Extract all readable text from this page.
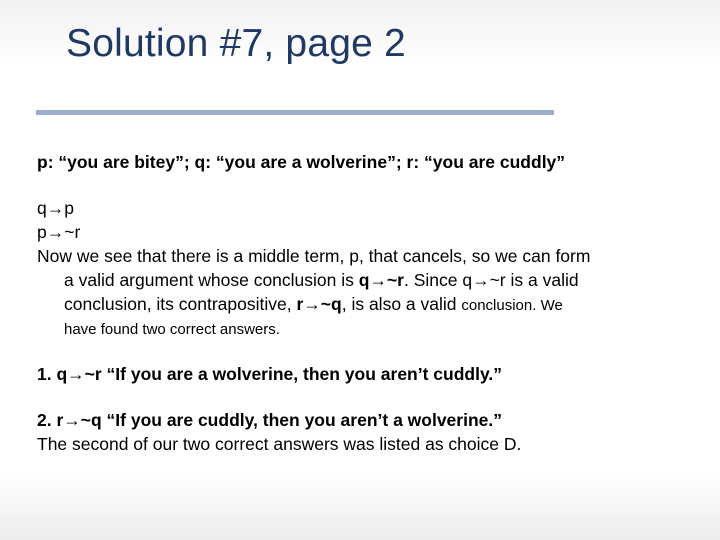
Solution #7, page 2
p: “you are bitey”; q: “you are a wolverine”; r: “you are cuddly”
q→p
p→~r
Now we see that there is a middle term, p, that cancels, so we can form
a valid argument whose conclusion is q→~r. Since q→~r is a valid
conclusion, its contrapositive, r→~q, is also a valid conclusion. We
have found two correct answers.
1. q→~r “If you are a wolverine, then you aren’t cuddly.”
2. r→~q “If you are cuddly, then you aren’t a wolverine.”
The second of our two correct answers was listed as choice D.
